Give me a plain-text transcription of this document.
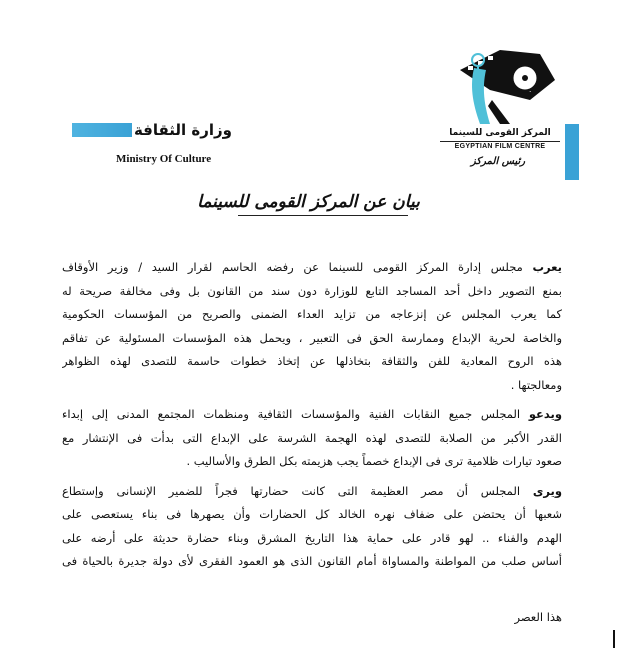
المركز القومى للسينما
EGYPTIAN FILM CENTRE
رئيس المركز
وزارة الثقافة
Ministry Of Culture
بيان عن المركز القومى للسينما
يعرب مجلس إدارة المركز القومى للسينما عن رفضه الحاسم لقرار السيد / وزير الأوقاف
بمنع التصوير داخل أحد المساجد التابع للوزارة دون سند من القانون بل وفى مخالفة صريحة له
كما يعرب المجلس عن إنزعاجه من تزايد العداء الضمنى والصريح من المؤسسات الحكومية
والخاصة لحرية الإبداع وممارسة الحق فى التعبير ، ويحمل هذه المؤسسات المسئولية عن تفاقم
هذه الروح المعادية للفن والثقافة بتخاذلها عن إتخاذ خطوات حاسمة للتصدى لهذه الظواهر
ومعالجتها .
ويدعو المجلس جميع النقابات الفنية والمؤسسات الثقافية ومنظمات المجتمع المدنى إلى إبداء
القدر الأكبر من الصلابة للتصدى لهذه الهجمة الشرسة على الإبداع التى بدأت فى الإنتشار مع
صعود تيارات ظلامية ترى فى الإبداع خصماً يجب هزيمته بكل الطرق والأساليب .
ويرى المجلس أن مصر العظيمة التى كانت حضارتها فجراً للضمير الإنسانى وإستطاع
شعبها أن يحتضن على ضفاف نهره الخالد كل الحضارات وأن يصهرها فى بناء يستعصى على
الهدم والفناء .. لهو قادر على حماية هذا التاريخ المشرق وبناء حضارة حديثة على أرضه على
أساس صلب من المواطنة والمساواة أمام القانون الذى هو العمود الفقرى لأى دولة جديرة بالحياة فى
هذا العصر
